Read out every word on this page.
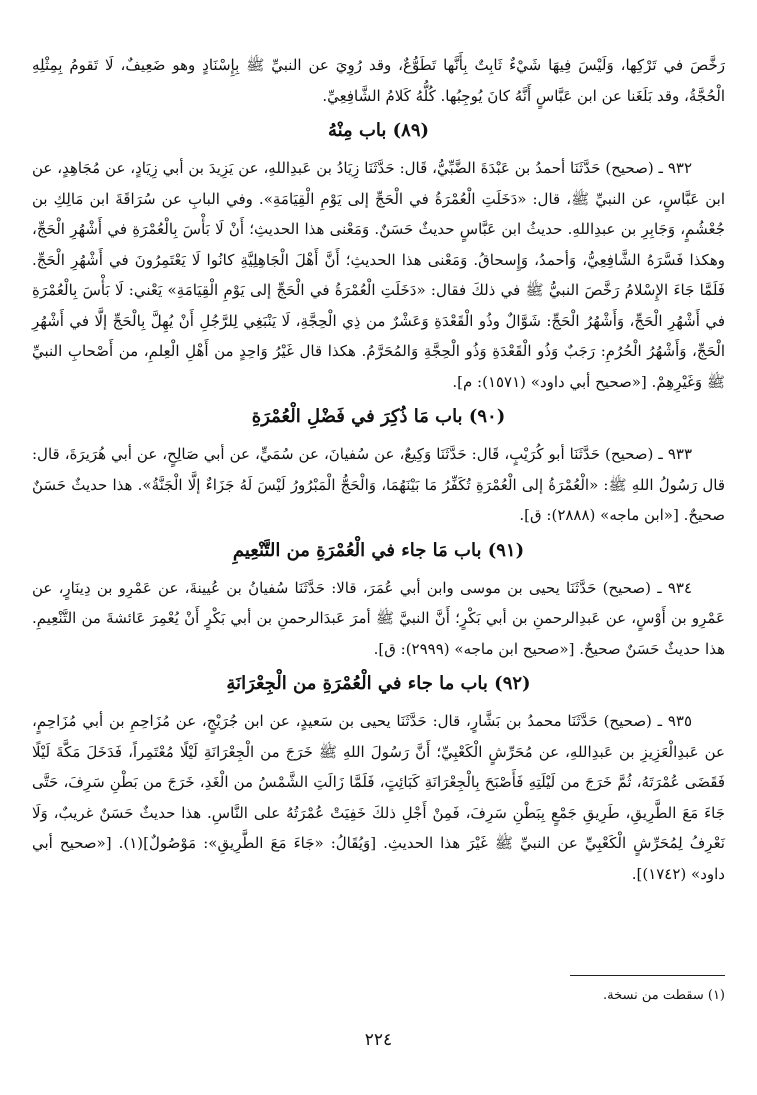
رَخَّصَ في تَرْكِها، وَلَيْسَ فِيهَا شَيْءٌ ثَابِتٌ بِأَنَّها تَطَوُّعٌ، وقد رُوِيَ عن النبيِّ ﷺ بِإِسْنَادٍ وهو ضَعِيفٌ، لَا تَقومُ بِمِثْلِهِ الْحُجَّةُ، وقد بَلَغَنا عن ابن عَبَّاسٍ أَنَّهُ كانَ يُوجِبُها. كُلُّهُ كَلامُ الشَّافِعِيِّ.

(٨٩) باب مِنْهُ

٩٣٢ ـ (صحيح) حَدَّثَنَا أحمدُ بن عَبْدَةَ الضَّبِّيُّ، قَال: حَدَّثَنَا زِيَادُ بن عَبدِاللهِ، عن يَزِيدَ بن أبي زِيَادٍ، عن مُجَاهِدٍ، عن ابن عَبَّاسٍ، عن النبيِّ ﷺ، قال: «دَخَلَتِ الْعُمْرَةُ في الْحَجِّ إلى يَوْمِ الْقِيَامَةِ». وفي البابِ عن سُرَاقَةَ ابن مَالِكِ بن جُعْشُمٍ، وَجَابِرِ بن عبدِاللهِ. حديثُ ابن عَبَّاسٍ حديثٌ حَسَنٌ. وَمَعْنى هذا الحديثِ؛ أَنْ لَا بَأْسَ بِالْعُمْرَةِ في أَشْهُرِ الْحَجِّ، وهكذا فَسَّرَهُ الشَّافِعِيُّ، وَأحمدُ، وَإِسحاقُ. وَمَعْنى هذا الحديثِ؛ أَنَّ أَهْلَ الْجَاهِلِيَّةِ كانُوا لَا يَعْتَمِرُونَ في أَشْهُرِ الْحَجِّ. فَلَمَّا جَاءَ الإِسْلامُ رَخَّصَ النبيُّ ﷺ في ذلكَ فقال: «دَخَلَتِ الْعُمْرَةُ في الْحَجِّ إلى يَوْمِ الْقِيَامَةِ» يَعْني: لَا بَأْسَ بِالْعُمْرَةِ في أَشْهُرِ الْحَجِّ، وَأَشْهُرُ الْحَجِّ: شَوَّالٌ وذُو الْقَعْدَةِ وَعَشْرٌ من ذِي الْحِجَّةِ، لَا يَنْبَغِي لِلرَّجُلِ أَنْ يُهِلَّ بِالْحَجِّ إلَّا في أَشْهُرِ الْحَجِّ، وَأَشْهُرُ الْحُرُمِ: رَجَبٌ وَذُو الْقَعْدَةِ وَذُو الْحِجَّةِ وَالمُحَرَّمُ. هكذا قال غَيْرُ وَاحِدٍ من أَهْلِ الْعِلمِ، من أَصْحابِ النبيِّ ﷺ وَغَيْرِهِمْ. [«صحيح أبي داود» (١٥٧١): م].

(٩٠) باب مَا ذُكِرَ في فَضْلِ الْعُمْرَةِ

٩٣٣ ـ (صحيح) حَدَّثَنَا أبو كُرَيْبٍ، قَال: حَدَّثَنَا وَكِيعٌ، عن سُفيانَ، عن سُمَيٍّ، عن أبي صَالِحٍ، عن أبي هُرَيرَةَ، قال: قال رَسُولُ اللهِ ﷺ: «الْعُمْرَةُ إلى الْعُمْرَةِ تُكَفِّرُ مَا بَيْنَهُمَا، وَالْحَجُّ الْمَبْرُورُ لَيْسَ لَهُ جَزَاءٌ إلَّا الْجَنَّةُ». هذا حديثٌ حَسَنٌ صحيحٌ. [«ابن ماجه» (٢٨٨٨): ق].

(٩١) باب مَا جاء في الْعُمْرَةِ من التَّنْعِيمِ

٩٣٤ ـ (صحيح) حَدَّثَنَا يحيى بن موسى وابن أبي عُمَرَ، قالا: حَدَّثَنَا سُفيانُ بن عُيينةَ، عن عَمْرِو بن دِينَارٍ، عن عَمْرِو بن أَوْسٍ، عن عَبدِالرحمنِ بن أبي بَكْرٍ؛ أَنَّ النبيَّ ﷺ أمرَ عَبدَالرحمنِ بن أبي بَكْرٍ أَنْ يُعْمِرَ عَائشةَ من التَّنْعِيمِ. هذا حديثٌ حَسَنٌ صحيحٌ. [«صحيح ابن ماجه» (٢٩٩٩): ق].

(٩٢) باب ما جاء في الْعُمْرَةِ من الْجِعْرَانَةِ

٩٣٥ ـ (صحيح) حَدَّثَنَا محمدُ بن بَشَّارٍ، قال: حَدَّثَنَا يحيى بن سَعيدٍ، عن ابن جُرَيْجٍ، عن مُزَاحِمِ بن أبي مُزَاحِمٍ، عن عَبدِالْعَزِيزِ بن عَبدِاللهِ، عن مُحَرِّشٍ الْكَعْبِيِّ؛ أَنَّ رَسُولَ اللهِ ﷺ خَرَجَ من الْجِعْرَانَةِ لَيْلًا مُعْتَمِراً، فَدَخَلَ مَكَّةَ لَيْلًا فَقَضَى عُمْرَتَهُ، ثُمَّ خَرَجَ من لَيْلَتِهِ فَأَصْبَحَ بِالْجِعْرَانَةِ كَبَائِتٍ، فَلَمَّا زَالَتِ الشَّمْسُ من الْغَدِ، خَرَجَ من بَطْنِ سَرِفَ، حَتَّى جَاءَ مَعَ الطَّرِيقِ، طَرِيقِ جَمْعٍ بِبَطْنِ سَرِفَ، فَمِنْ أَجْلِ ذلكَ خَفِيَتْ عُمْرَتُهُ على النَّاسِ. هذا حديثٌ حَسَنٌ غريبٌ، وَلَا نَعْرِفُ لِمُحَرِّشٍ الْكَعْبِيِّ عن النبيِّ ﷺ غَيْرَ هذا الحديثِ. [وَيُقَالُ: «جَاءَ مَعَ الطَّرِيقِ»: مَوْصُولٌ](١). [«صحيح أبي داود» (١٧٤٢)].

(١) سقطت من نسخة.
٢٢٤
